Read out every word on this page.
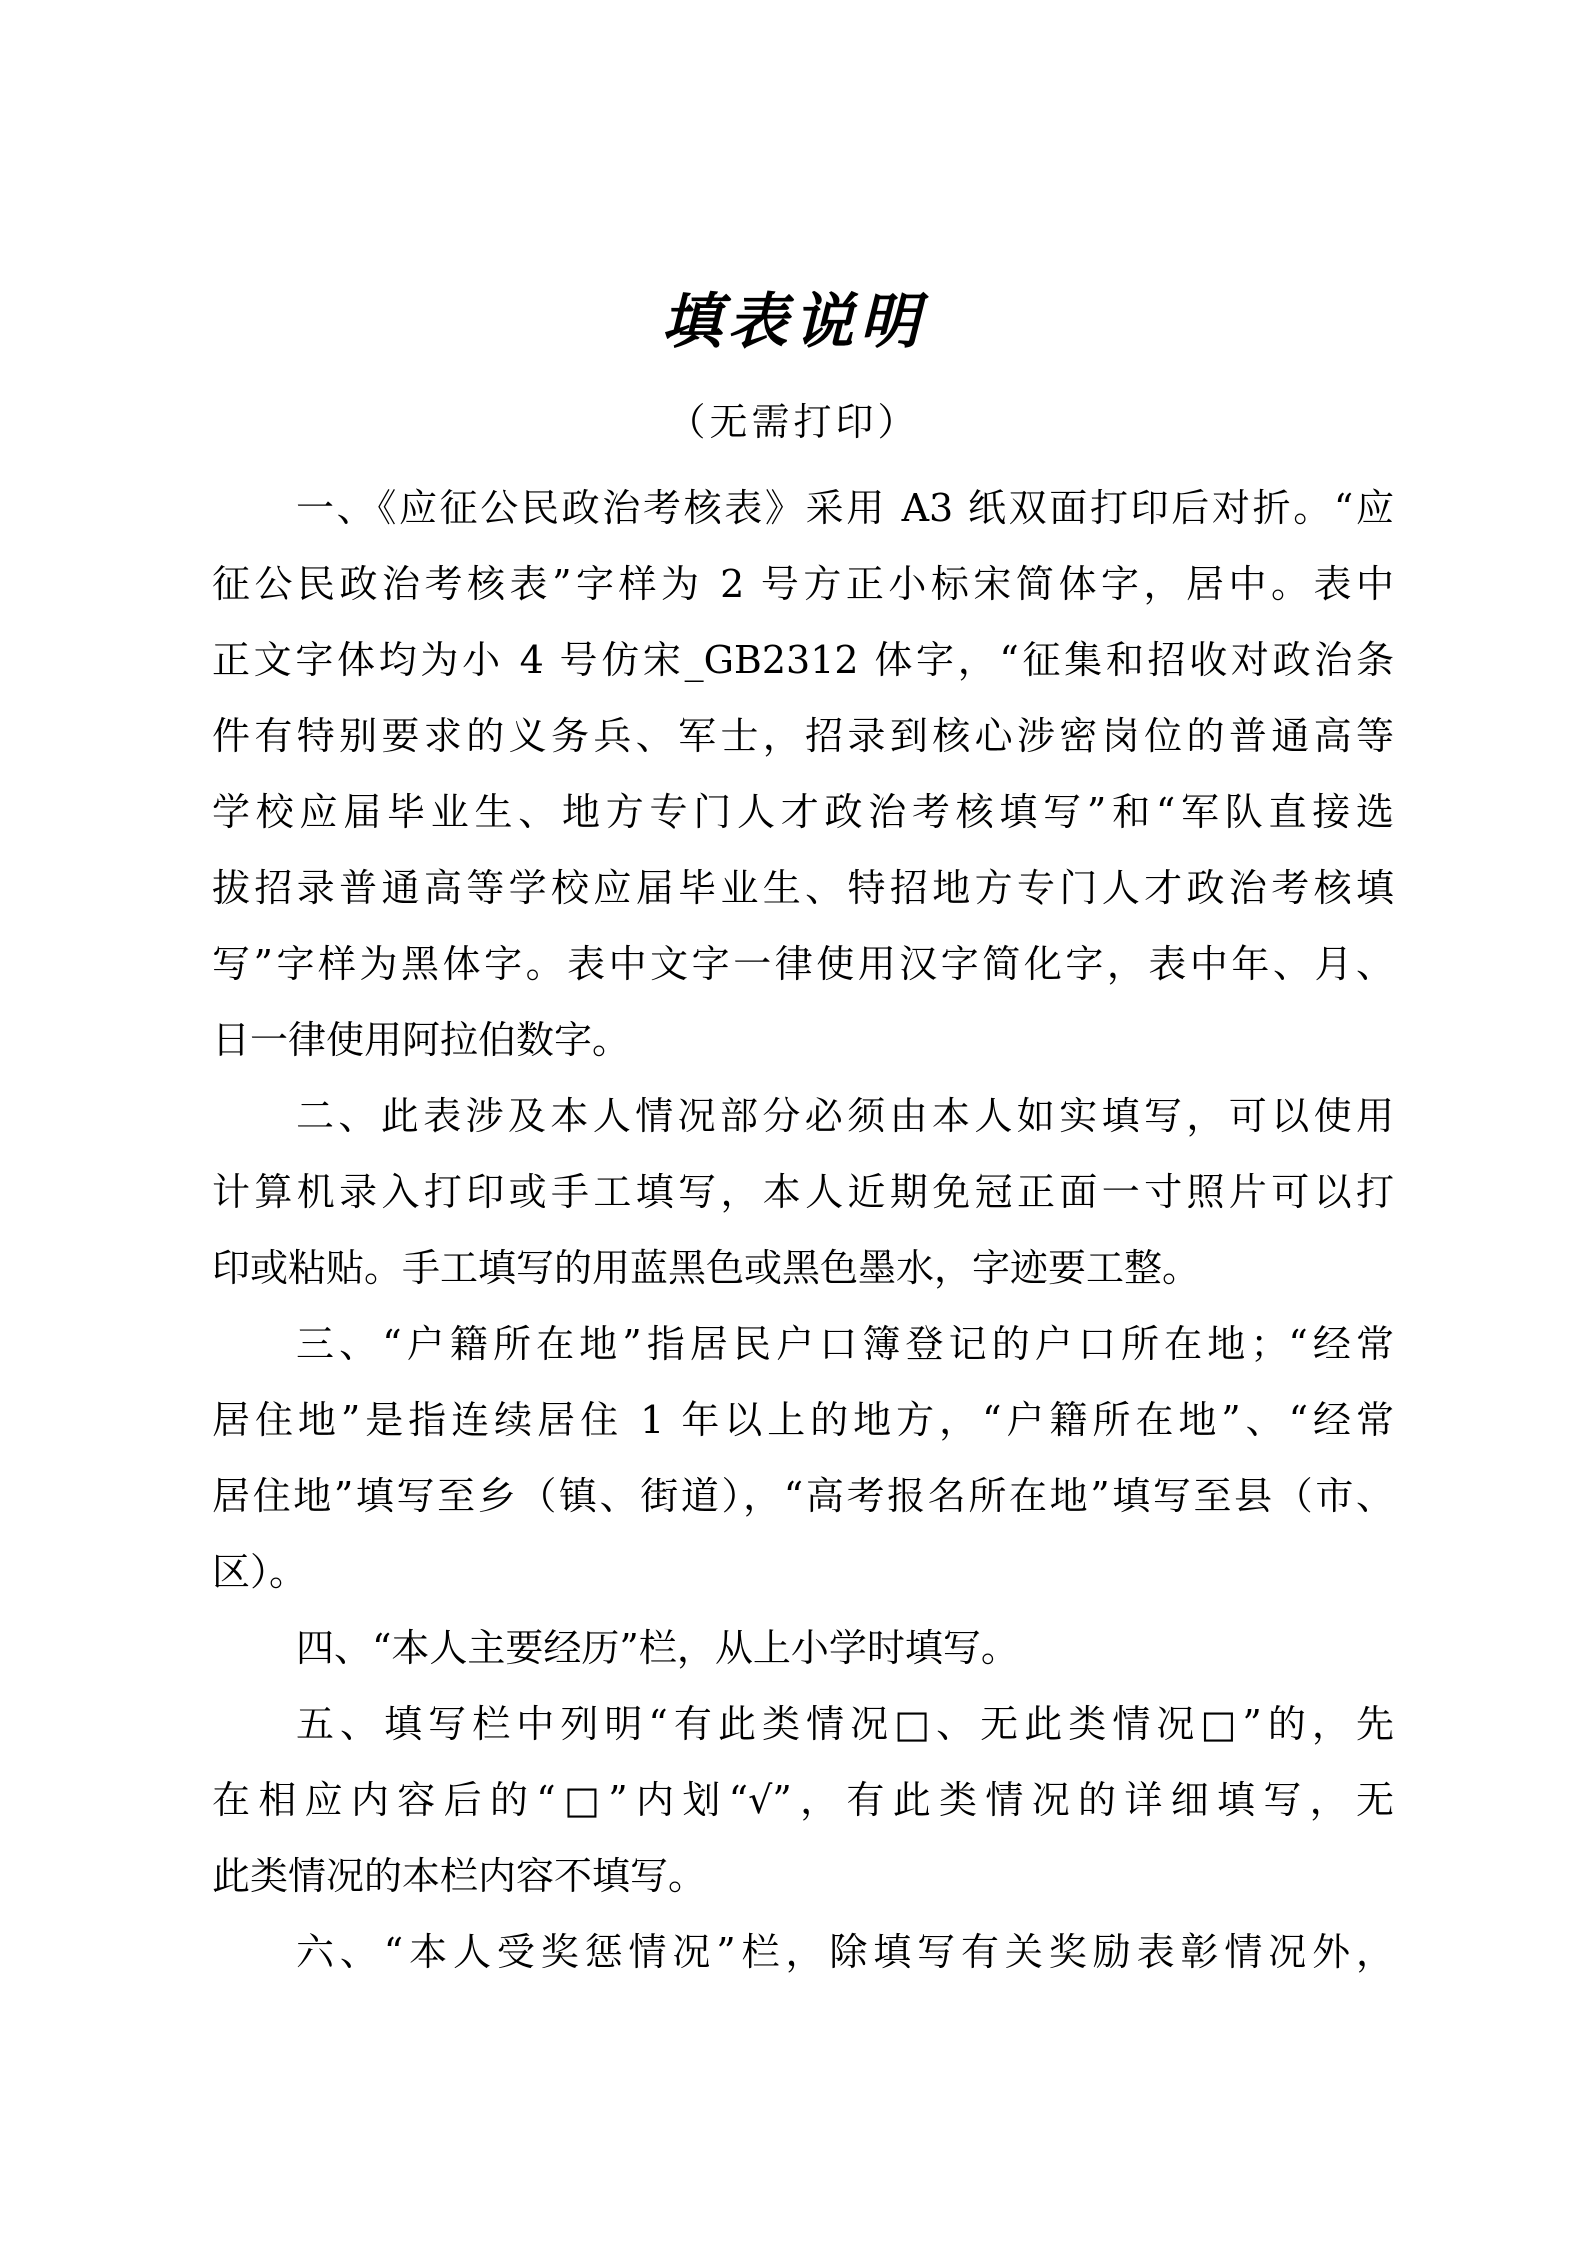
填表说明
（无需打印）
一、《应征公民政治考核表》采用 A3 纸双面打印后对折。“应
征公民政治考核表”字样为 2 号方正小标宋简体字，居中。表中
正文字体均为小 4 号仿宋_GB2312 体字，“征集和招收对政治条
件有特别要求的义务兵、军士，招录到核心涉密岗位的普通高等
学校应届毕业生、地方专门人才政治考核填写”和“军队直接选
拔招录普通高等学校应届毕业生、特招地方专门人才政治考核填
写”字样为黑体字。表中文字一律使用汉字简化字，表中年、月、
日一律使用阿拉伯数字。
二、此表涉及本人情况部分必须由本人如实填写，可以使用
计算机录入打印或手工填写，本人近期免冠正面一寸照片可以打
印或粘贴。手工填写的用蓝黑色或黑色墨水，字迹要工整。
三、“户籍所在地”指居民户口簿登记的户口所在地；“经常
居住地”是指连续居住 1 年以上的地方，“户籍所在地”、“经常
居住地”填写至乡（镇、街道），“高考报名所在地”填写至县（市、
区）。
四、“本人主要经历”栏，从上小学时填写。
五、填写栏中列明“有此类情况□、无此类情况□”的，先
在相应内容后的“□”内划“√”，有此类情况的详细填写，无
此类情况的本栏内容不填写。
六、“本人受奖惩情况”栏，除填写有关奖励表彰情况外，
